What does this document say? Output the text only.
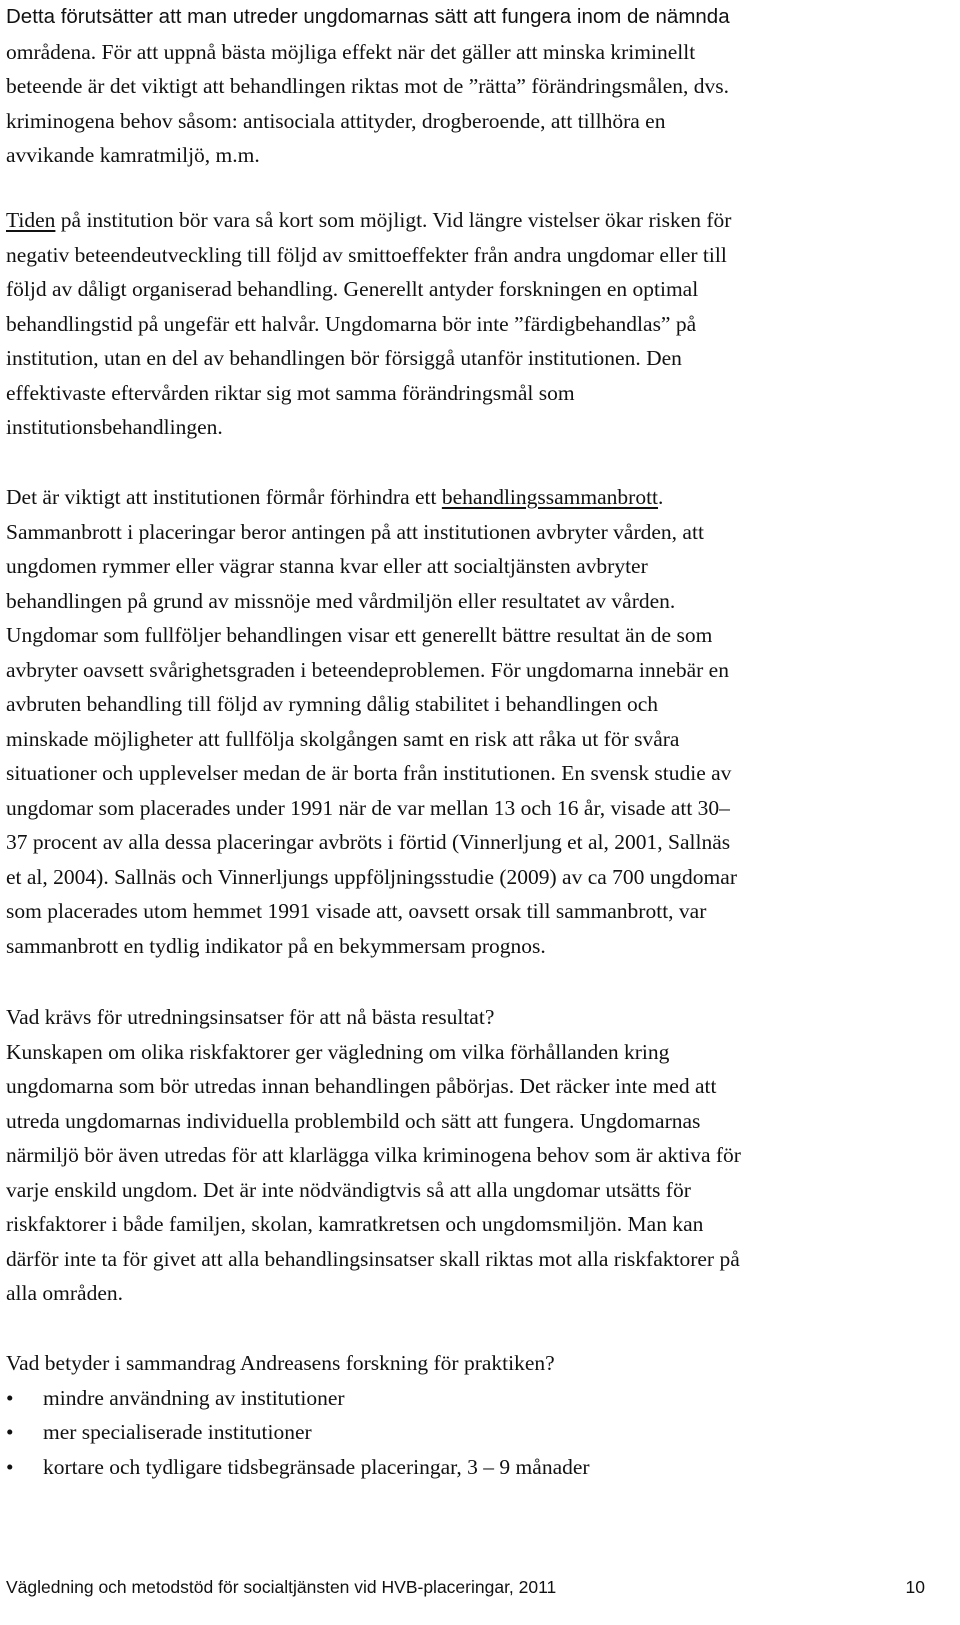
Detta förutsätter att man utreder ungdomarnas sätt att fungera inom de nämnda
områdena. För att uppnå bästa möjliga effekt när det gäller att minska kriminellt
beteende är det viktigt att behandlingen riktas mot de ”rätta” förändringsmålen, dvs.
kriminogena behov såsom: antisociala attityder, drogberoende, att tillhöra en
avvikande kamratmiljö, m.m.
Tiden på institution bör vara så kort som möjligt. Vid längre vistelser ökar risken för
negativ beteendeutveckling till följd av smittoeffekter från andra ungdomar eller till
följd av dåligt organiserad behandling. Generellt antyder forskningen en optimal
behandlingstid på ungefär ett halvår. Ungdomarna bör inte ”färdigbehandlas” på
institution, utan en del av behandlingen bör försiggå utanför institutionen. Den
effektivaste eftervården riktar sig mot samma förändringsmål som
institutionsbehandlingen.
Det är viktigt att institutionen förmår förhindra ett behandlingssammanbrott.
Sammanbrott i placeringar beror antingen på att institutionen avbryter vården, att
ungdomen rymmer eller vägrar stanna kvar eller att socialtjänsten avbryter
behandlingen på grund av missnöje med vårdmiljön eller resultatet av vården.
Ungdomar som fullföljer behandlingen visar ett generellt bättre resultat än de som
avbryter oavsett svårighetsgraden i beteendeproblemen. För ungdomarna innebär en
avbruten behandling till följd av rymning dålig stabilitet i behandlingen och
minskade möjligheter att fullfölja skolgången samt en risk att råka ut för svåra
situationer och upplevelser medan de är borta från institutionen. En svensk studie av
ungdomar som placerades under 1991 när de var mellan 13 och 16 år, visade att 30–
37 procent av alla dessa placeringar avbröts i förtid (Vinnerljung et al, 2001, Sallnäs
et al, 2004). Sallnäs och Vinnerljungs uppföljningsstudie (2009) av ca 700 ungdomar
som placerades utom hemmet 1991 visade att, oavsett orsak till sammanbrott, var
sammanbrott en tydlig indikator på en bekymmersam prognos.
Vad krävs för utredningsinsatser för att nå bästa resultat?
Kunskapen om olika riskfaktorer ger vägledning om vilka förhållanden kring
ungdomarna som bör utredas innan behandlingen påbörjas. Det räcker inte med att
utreda ungdomarnas individuella problembild och sätt att fungera. Ungdomarnas
närmiljö bör även utredas för att klarlägga vilka kriminogena behov som är aktiva för
varje enskild ungdom. Det är inte nödvändigtvis så att alla ungdomar utsätts för
riskfaktorer i både familjen, skolan, kamratkretsen och ungdomsmiljön. Man kan
därför inte ta för givet att alla behandlingsinsatser skall riktas mot alla riskfaktorer på
alla områden.
Vad betyder i sammandrag Andreasens forskning för praktiken?
• mindre användning av institutioner
• mer specialiserade institutioner
• kortare och tydligare tidsbegränsade placeringar, 3 – 9 månader
Vägledning och metodstöd för socialtjänsten vid HVB-placeringar, 2011	10
